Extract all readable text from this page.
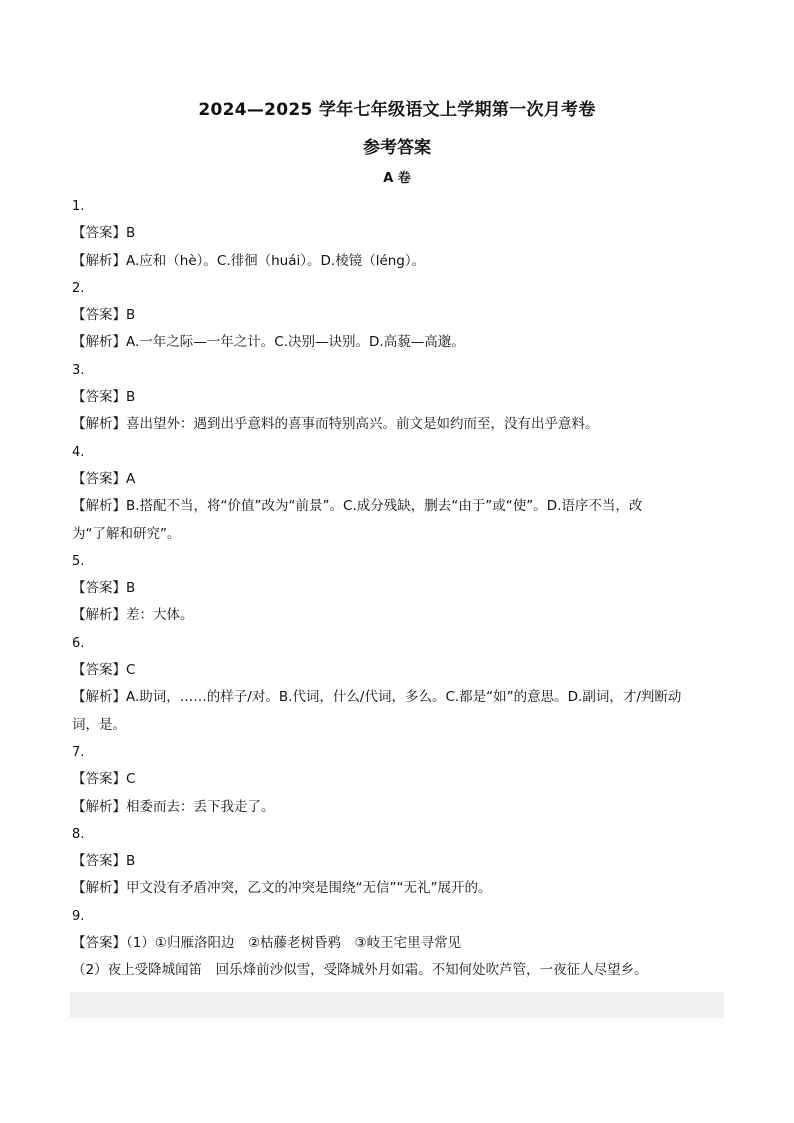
2024—2025 学年七年级语文上学期第一次月考卷
参考答案
A 卷
1.
【答案】B
【解析】A.应和（hè）。C.徘徊（huái）。D.棱镜（léng）。
2.
【答案】B
【解析】A.一年之际—一年之计。C.决别—诀别。D.高藐—高邈。
3.
【答案】B
【解析】喜出望外：遇到出乎意料的喜事而特别高兴。前文是如约而至，没有出乎意料。
4.
【答案】A
【解析】B.搭配不当，将“价值”改为“前景”。C.成分残缺，删去“由于”或“使”。D.语序不当，改
为“了解和研究”。
5.
【答案】B
【解析】差：大体。
6.
【答案】C
【解析】A.助词，……的样子/对。B.代词，什么/代词，多么。C.都是“如”的意思。D.副词，才/判断动
词，是。
7.
【答案】C
【解析】相委而去：丢下我走了。
8.
【答案】B
【解析】甲文没有矛盾冲突，乙文的冲突是围绕“无信”“无礼”展开的。
9.
【答案】（1）①归雁洛阳边　②枯藤老树昏鸦　③岐王宅里寻常见
（2）夜上受降城闻笛　回乐烽前沙似雪，受降城外月如霜。不知何处吹芦管，一夜征人尽望乡。
